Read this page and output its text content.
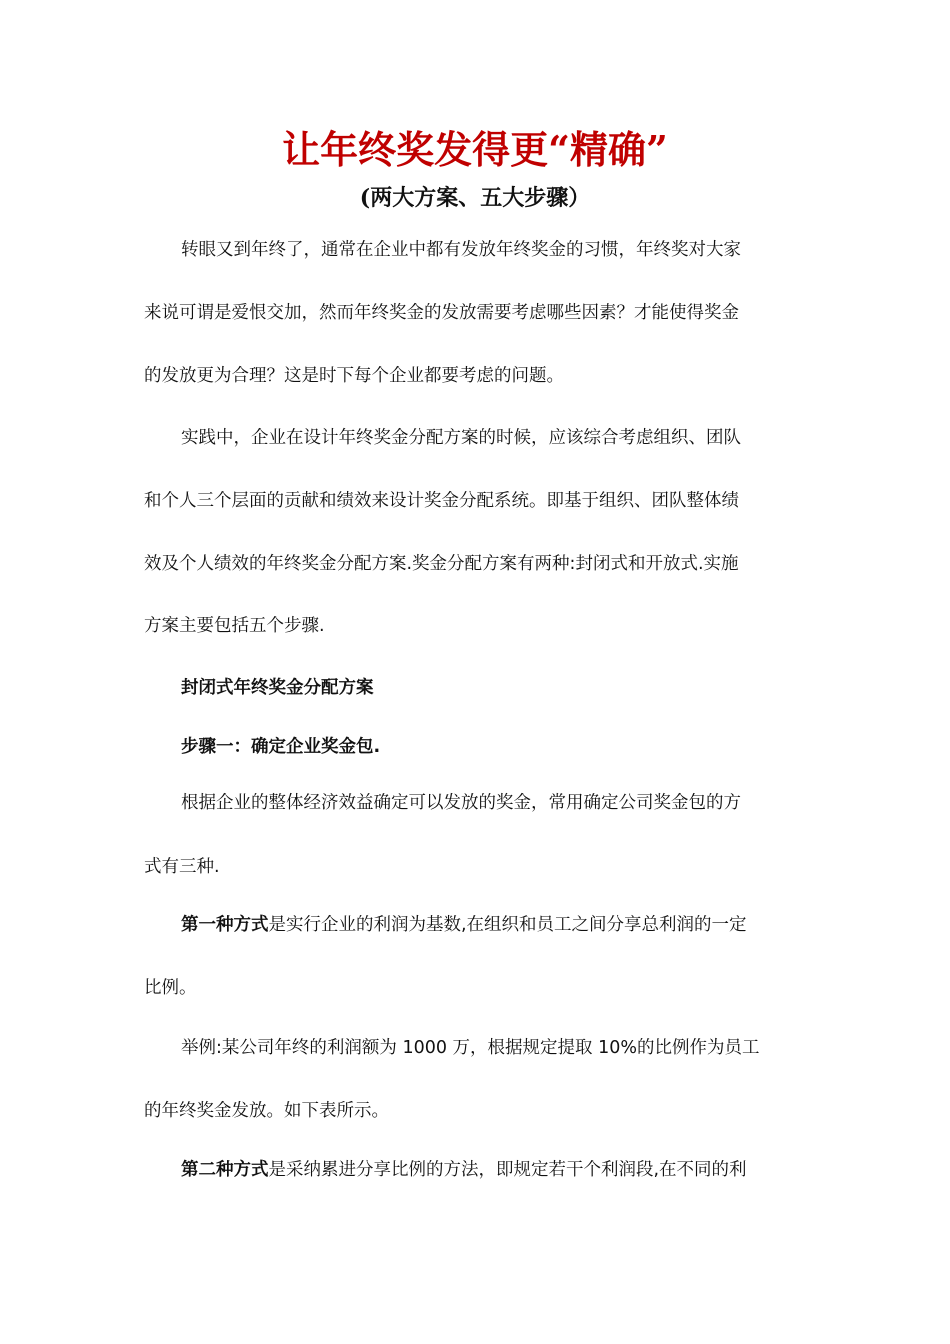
让年终奖发得更“精确”
(两大方案、五大步骤）
转眼又到年终了，通常在企业中都有发放年终奖金的习惯，年终奖对大家
来说可谓是爱恨交加，然而年终奖金的发放需要考虑哪些因素？才能使得奖金
的发放更为合理？这是时下每个企业都要考虑的问题。
实践中，企业在设计年终奖金分配方案的时候，应该综合考虑组织、团队
和个人三个层面的贡献和绩效来设计奖金分配系统。即基于组织、团队整体绩
效及个人绩效的年终奖金分配方案.奖金分配方案有两种:封闭式和开放式.实施
方案主要包括五个步骤.
封闭式年终奖金分配方案
步骤一：确定企业奖金包.
根据企业的整体经济效益确定可以发放的奖金，常用确定公司奖金包的方
式有三种.
第一种方式是实行企业的利润为基数,在组织和员工之间分享总利润的一定
比例。
举例:某公司年终的利润额为 1000 万，根据规定提取 10%的比例作为员工
的年终奖金发放。如下表所示。
第二种方式是采纳累进分享比例的方法，即规定若干个利润段,在不同的利
